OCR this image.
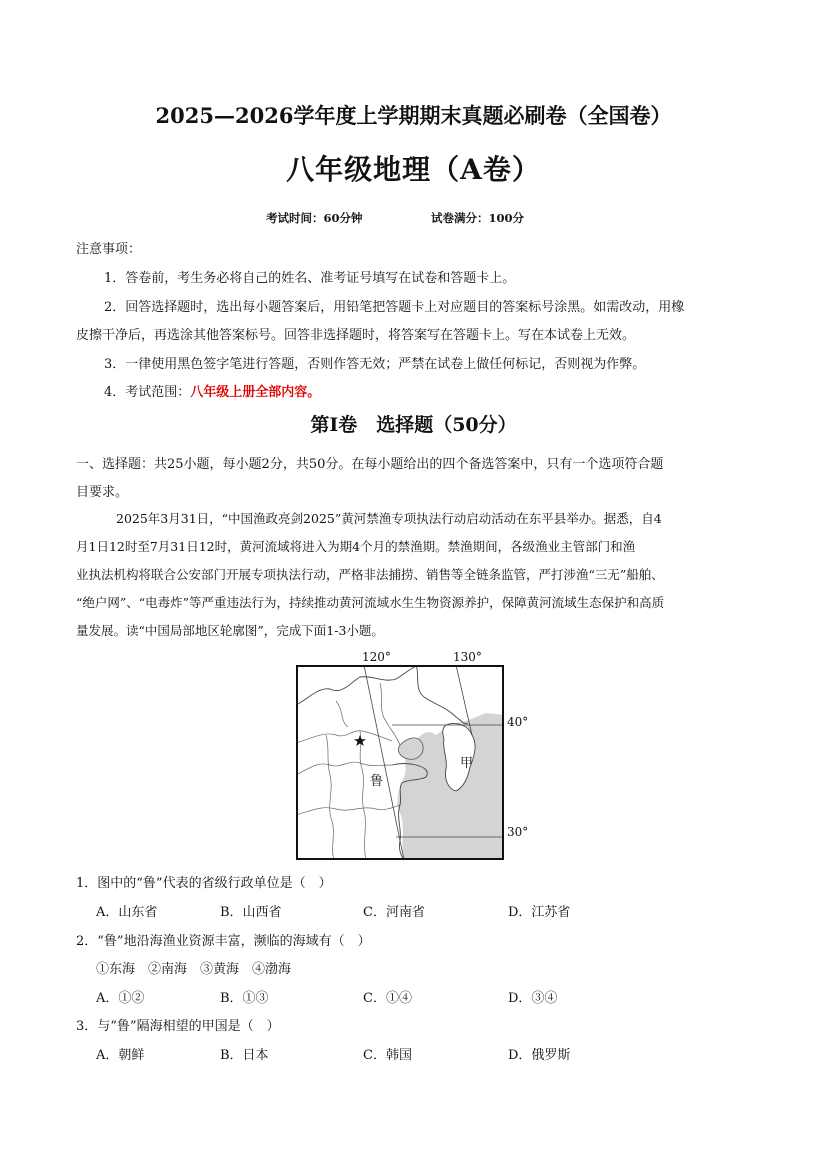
2025—2026学年度上学期期末真题必刷卷（全国卷）
八年级地理（A卷）
考试时间：60分钟	试卷满分：100分
注意事项：
1．答卷前，考生务必将自己的姓名、准考证号填写在试卷和答题卡上。
2．回答选择题时，选出每小题答案后，用铅笔把答题卡上对应题目的答案标号涂黑。如需改动，用橡
皮擦干净后，再选涂其他答案标号。回答非选择题时，将答案写在答题卡上。写在本试卷上无效。
3．一律使用黑色签字笔进行答题，否则作答无效；严禁在试卷上做任何标记，否则视为作弊。
4．考试范围：八年级上册全部内容。
第Ⅰ卷　选择题（50分）
一、选择题：共25小题，每小题2分，共50分。在每小题给出的四个备选答案中，只有一个选项符合题
目要求。
2025年3月31日，“中国渔政亮剑2025”黄河禁渔专项执法行动启动活动在东平县举办。据悉，自4
月1日12时至7月31日12时，黄河流域将进入为期4个月的禁渔期。禁渔期间，各级渔业主管部门和渔
业执法机构将联合公安部门开展专项执法行动，严格非法捕捞、销售等全链条监管，严打涉渔“三无”船舶、
“绝户网”、“电毒炸”等严重违法行为，持续推动黄河流域水生生物资源养护，保障黄河流域生态保护和高质
量发展。读“中国局部地区轮廓图”，完成下面1-3小题。
120°	130°
40°
30°
鲁
甲
1．图中的“鲁”代表的省级行政单位是（　）
A．山东省	B．山西省	C．河南省	D．江苏省
2．“鲁”地沿海渔业资源丰富，濒临的海域有（　）
①东海　②南海　③黄海　④渤海
A．①②	B．①③	C．①④	D．③④
3．与“鲁”隔海相望的甲国是（　）
A．朝鲜	B．日本	C．韩国	D．俄罗斯
